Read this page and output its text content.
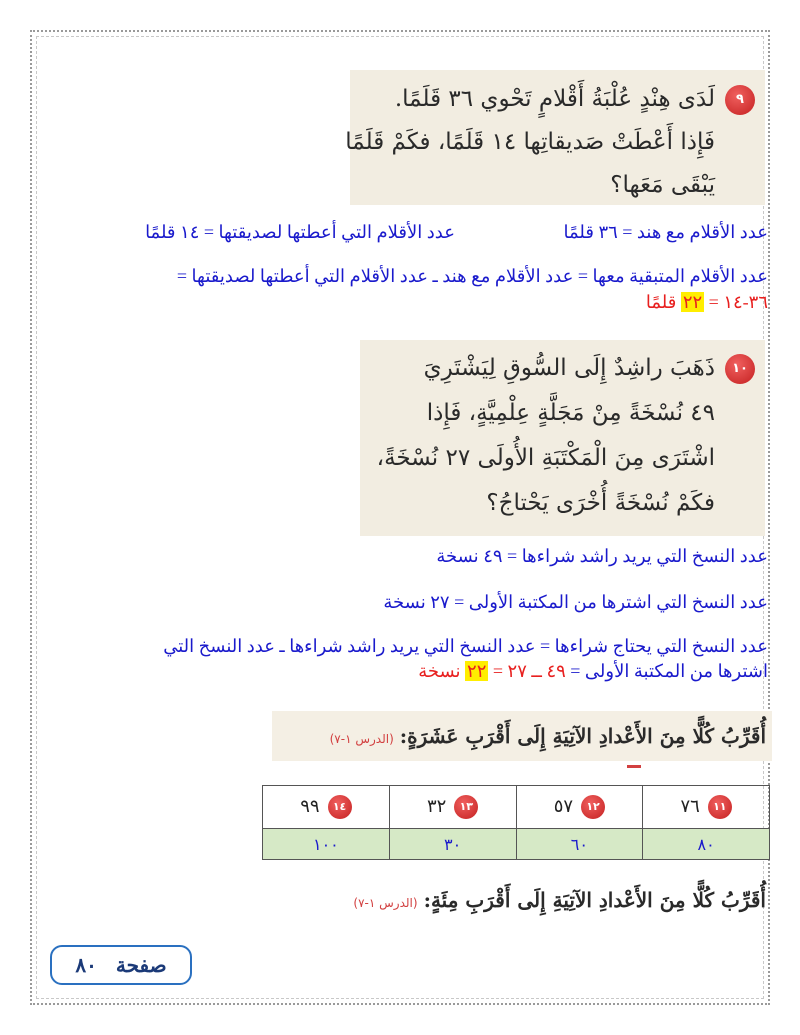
٩لَدَى هِنْدٍ عُلْبَةُ أَقْلامٍ تَحْوي ٣٦ قَلَمًا.
فَإِذا أَعْطَتْ صَديقاتِها ١٤ قَلَمًا، فكَمْ قَلَمًا
يَبْقَى مَعَها؟
عدد الأقلام مع هند = ٣٦ قلمًا
عدد الأقلام التي أعطتها لصديقتها = ١٤ قلمًا
عدد الأقلام المتبقية معها = عدد الأقلام مع هند ـ عدد الأقلام التي أعطتها لصديقتها =
٣٦-١٤ = ٢٢ قلمًا
١٠ذَهَبَ راشِدٌ إِلَى السُّوقِ لِيَشْتَرِيَ
٤٩ نُسْخَةً مِنْ مَجَلَّةٍ عِلْمِيَّةٍ، فَإِذا
اشْتَرَى مِنَ الْمَكْتَبَةِ الأُولَى ٢٧ نُسْخَةً،
فكَمْ نُسْخَةً أُخْرَى يَحْتاجُ؟
عدد النسخ التي يريد راشد شراءها = ٤٩ نسخة
عدد النسخ التي اشترها من المكتبة الأولى = ٢٧ نسخة
عدد النسخ التي يحتاج شراءها = عدد النسخ التي يريد راشد شراءها ـ عدد النسخ التي
اشترها من المكتبة الأولى = ٤٩ ــ ٢٧ = ٢٢ نسخة
أُقَرِّبُ كُلًّا مِنَ الأَعْدادِ الآتِيَةِ إِلَى أَقْرَبِ عَشَرَةٍ:(الدرس ١-٧)
١١٧٦	١٢٥٧	١٣٣٢	١٤٩٩
٨٠	٦٠	٣٠	١٠٠
أُقَرِّبُ كُلًّا مِنَ الأَعْدادِ الآتِيَةِ إِلَى أَقْرَبِ مِئَةٍ:(الدرس ١-٧)
صفحة ٨٠
